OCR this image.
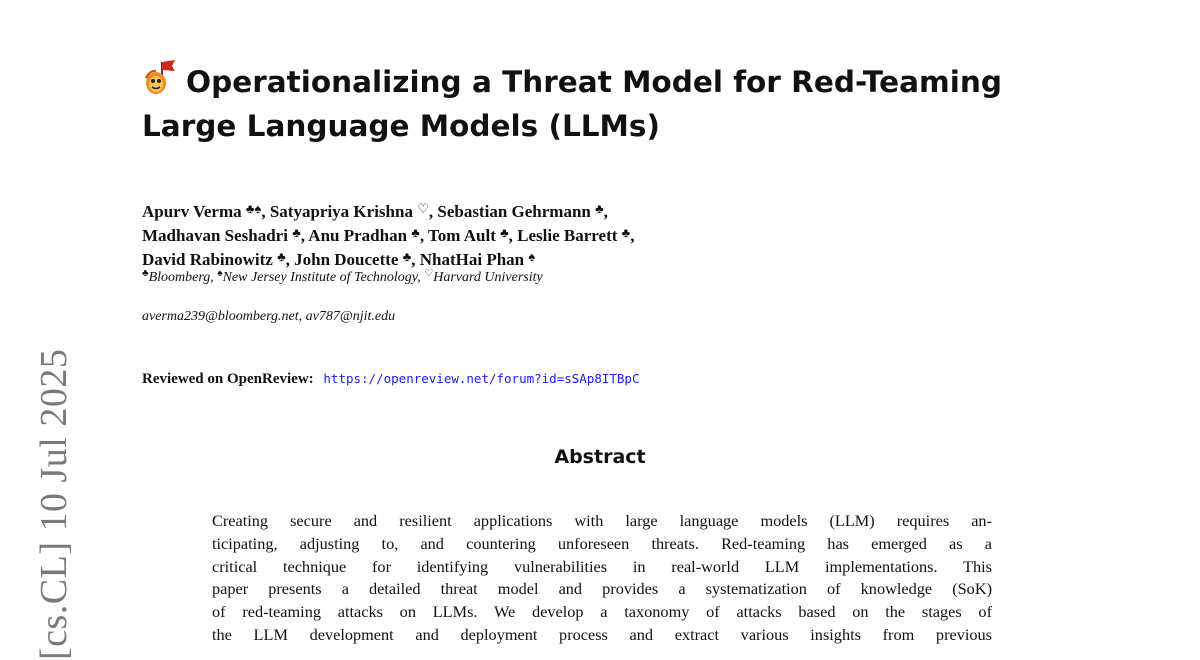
[cs.CL] 10 Jul 2025
Operationalizing a Threat Model for Red-Teaming
Large Language Models (LLMs)
Apurv Verma ♣♠, Satyapriya Krishna ♡, Sebastian Gehrmann ♣,
Madhavan Seshadri ♣, Anu Pradhan ♣, Tom Ault ♣, Leslie Barrett ♣,
David Rabinowitz ♣, John Doucette ♣, NhatHai Phan ♠
♣Bloomberg, ♠New Jersey Institute of Technology, ♡Harvard University
averma239@bloomberg.net, av787@njit.edu
Reviewed on OpenReview: https://openreview.net/forum?id=sSAp8ITBpC
Abstract
Creating secure and resilient applications with large language models (LLM) requires an-
ticipating, adjusting to, and countering unforeseen threats. Red-teaming has emerged as a
critical technique for identifying vulnerabilities in real-world LLM implementations. This
paper presents a detailed threat model and provides a systematization of knowledge (SoK)
of red-teaming attacks on LLMs. We develop a taxonomy of attacks based on the stages of
the LLM development and deployment process and extract various insights from previous
